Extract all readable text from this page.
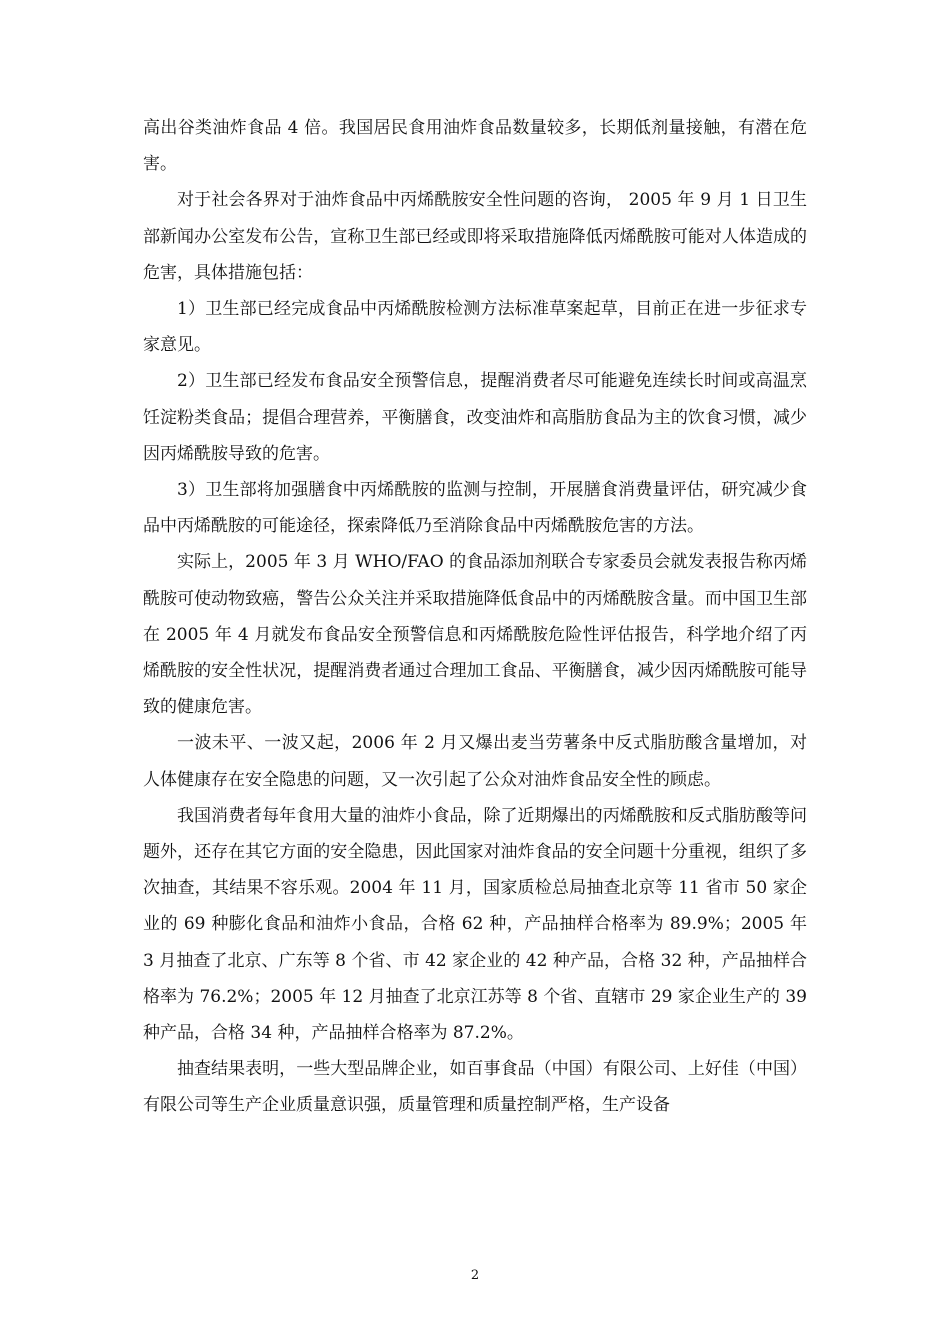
高出谷类油炸食品 4 倍。我国居民食用油炸食品数量较多，长期低剂量接触，有潜在危害。

对于社会各界对于油炸食品中丙烯酰胺安全性问题的咨询， 2005 年 9 月 1 日卫生部新闻办公室发布公告，宣称卫生部已经或即将采取措施降低丙烯酰胺可能对人体造成的危害，具体措施包括：

1）卫生部已经完成食品中丙烯酰胺检测方法标准草案起草，目前正在进一步征求专家意见。

2）卫生部已经发布食品安全预警信息，提醒消费者尽可能避免连续长时间或高温烹饪淀粉类食品；提倡合理营养，平衡膳食，改变油炸和高脂肪食品为主的饮食习惯，减少因丙烯酰胺导致的危害。

3）卫生部将加强膳食中丙烯酰胺的监测与控制，开展膳食消费量评估，研究减少食品中丙烯酰胺的可能途径，探索降低乃至消除食品中丙烯酰胺危害的方法。

实际上，2005 年 3 月 WHO/FAO 的食品添加剂联合专家委员会就发表报告称丙烯酰胺可使动物致癌，警告公众关注并采取措施降低食品中的丙烯酰胺含量。而中国卫生部在 2005 年 4 月就发布食品安全预警信息和丙烯酰胺危险性评估报告，科学地介绍了丙烯酰胺的安全性状况，提醒消费者通过合理加工食品、平衡膳食，减少因丙烯酰胺可能导致的健康危害。

一波未平、一波又起，2006 年 2 月又爆出麦当劳薯条中反式脂肪酸含量增加，对人体健康存在安全隐患的问题，又一次引起了公众对油炸食品安全性的顾虑。

我国消费者每年食用大量的油炸小食品，除了近期爆出的丙烯酰胺和反式脂肪酸等问题外，还存在其它方面的安全隐患，因此国家对油炸食品的安全问题十分重视，组织了多次抽查，其结果不容乐观。2004 年 11 月，国家质检总局抽查北京等 11 省市 50 家企业的 69 种膨化食品和油炸小食品，合格 62 种，产品抽样合格率为 89.9%；2005 年 3 月抽查了北京、广东等 8 个省、市 42 家企业的 42 种产品，合格 32 种，产品抽样合格率为 76.2%；2005 年 12 月抽查了北京江苏等 8 个省、直辖市 29 家企业生产的 39 种产品，合格 34 种，产品抽样合格率为 87.2%。

抽查结果表明，一些大型品牌企业，如百事食品（中国）有限公司、上好佳（中国）有限公司等生产企业质量意识强，质量管理和质量控制严格，生产设备

2
